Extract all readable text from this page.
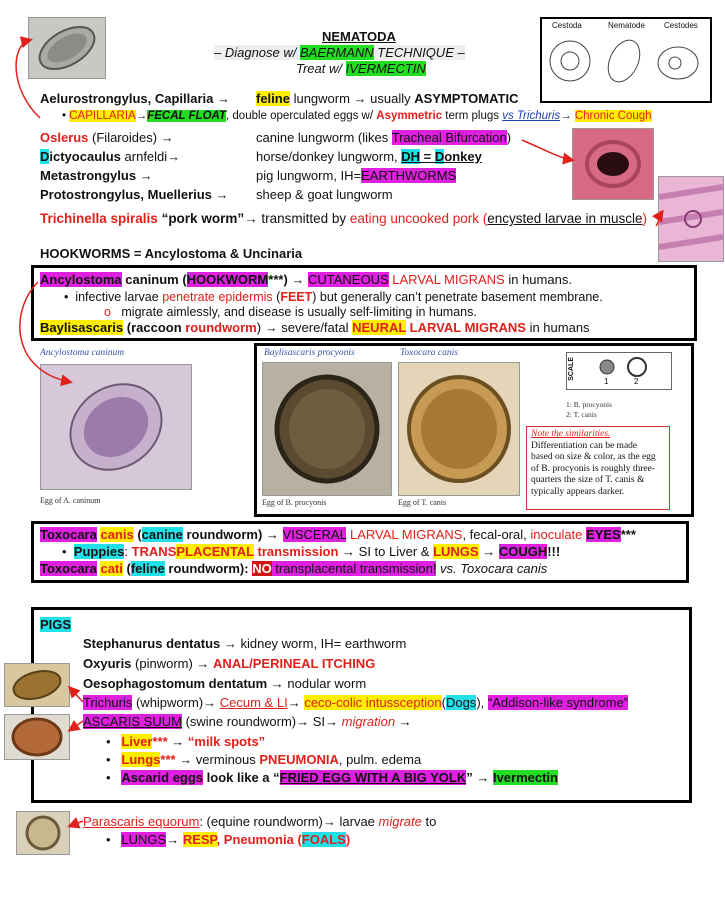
Cestoda	Nematode Cestodes
NEMATODA
– Diagnose w/ BAERMANN TECHNIQUE –
Treat w/ IVERMECTIN
Aelurostrongylus, Capillaria → feline lungworm → usually ASYMPTOMATIC
• CAPILLARIA→FECAL FLOAT, double operculated eggs w/ Asymmetric term plugs vs Trichuris→ Chronic Cough
Oslerus (Filaroides) →	canine lungworm (likes Tracheal Bifurcation)
Dictyocaulus arnfeldi→	horse/donkey lungworm, DH = Donkey
Metastrongylus →	pig lungworm, IH=EARTHWORMS
Protostrongylus, Muellerius → sheep & goat lungworm
Trichinella spiralis “pork worm”→ transmitted by eating uncooked pork (encysted larvae in muscle)
HOOKWORMS = Ancylostoma & Uncinaria
Ancylostoma caninum (HOOKWORM***) → CUTANEOUS LARVAL MIGRANS in humans.
•  infective larvae penetrate epidermis (FEET) but generally can’t penetrate basement membrane.
o   migrate aimlessly, and disease is usually self-limiting in humans.
Baylisascaris (raccoon roundworm) → severe/fatal NEURAL LARVAL MIGRANS in humans
Ancylostoma caninum
Egg of A. caninum
Baylisascaris procyonis
Egg of B. procyonis
Toxocara canis
Egg of T. canis
SCALE
1	2
1: B. procyonis
2: T. canis
Note the similarities.
Differentiation can be made
based on size & color, as the egg
of B. procyonis is roughly three-
quarters the size of T. canis &
typically appears darker.
Toxocara canis (canine roundworm) → VISCERAL LARVAL MIGRANS, fecal-oral, inoculate EYES***
•  Puppies: TRANSPLACENTAL transmission → SI to Liver & LUNGS → COUGH!!!
Toxocara cati (feline roundworm): NO transplacental transmission! vs. Toxocara canis
PIGS
Stephanurus dentatus → kidney worm, IH= earthworm
Oxyuris (pinworm) → ANAL/PERINEAL ITCHING
Oesophagostomum dentatum → nodular worm
Trichuris (whipworm)→ Cecum & LI→ ceco-colic intussception(Dogs), “Addison-like syndrome”
ASCARIS SUUM (swine roundworm)→ SI→ migration →
•   Liver*** → “milk spots”
•   Lungs*** → verminous PNEUMONIA, pulm. edema
•   Ascarid eggs look like a “FRIED EGG WITH A BIG YOLK” → Ivermectin
Parascaris equorum: (equine roundworm)→ larvae migrate to
•   LUNGS→ RESP, Pneumonia (FOALS)
